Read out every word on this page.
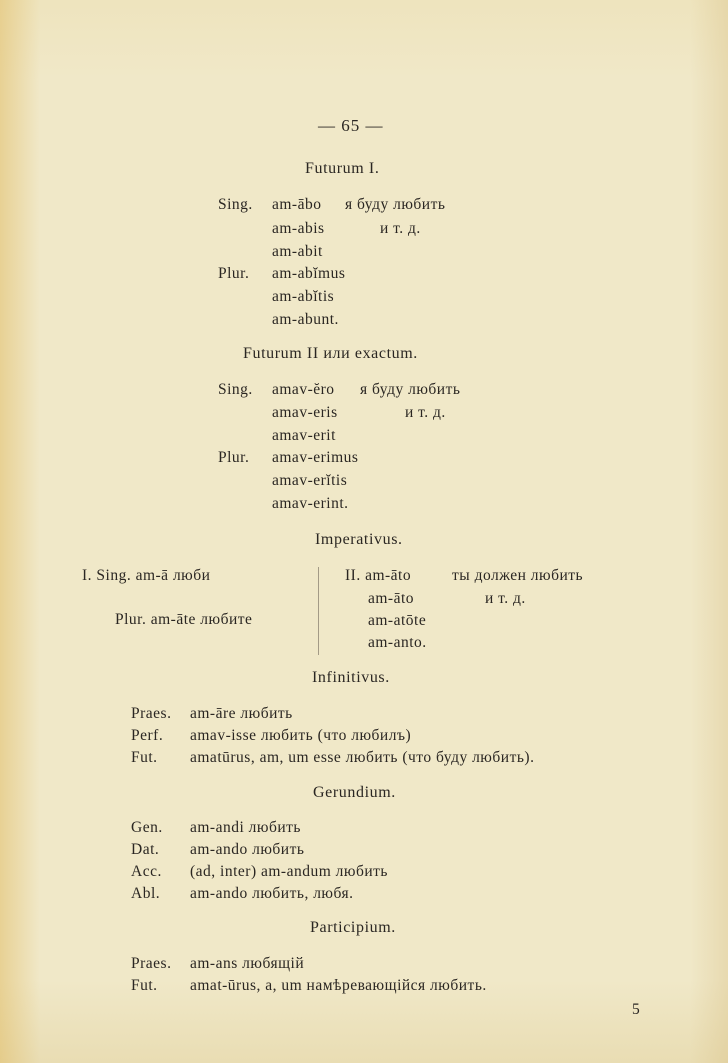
— 65 —
Futurum I.
Sing. am-ābo я буду любить
am-abis	и т. д.
am-abit
Plur. am-abĭmus
am-abĭtis
am-abunt.
Futurum II или exactum.
Sing. amav-ĕro я буду любить
amav-eris	и т. д.
amav-erit
Plur. amav-erimus
amav-erĭtis
amav-erint.
Imperativus.
I. Sing. am-ā люби
Plur. am-āte любите
II. am-āto	ты должен любить
am-āto	и т. д.
am-atōte
am-anto.
Infinitivus.
Praes. am-āre любить
Perf. amav-isse любить (что любилъ)
Fut. amatūrus, am, um esse любить (что буду любить).
Gerundium.
Gen. am-andi любить
Dat. am-ando любить
Acc. (ad, inter) am-andum любить
Abl. am-ando любить, любя.
Participium.
Praes. am-ans любящій
Fut. amat-ūrus, a, um намѣревающійся любить.
5
